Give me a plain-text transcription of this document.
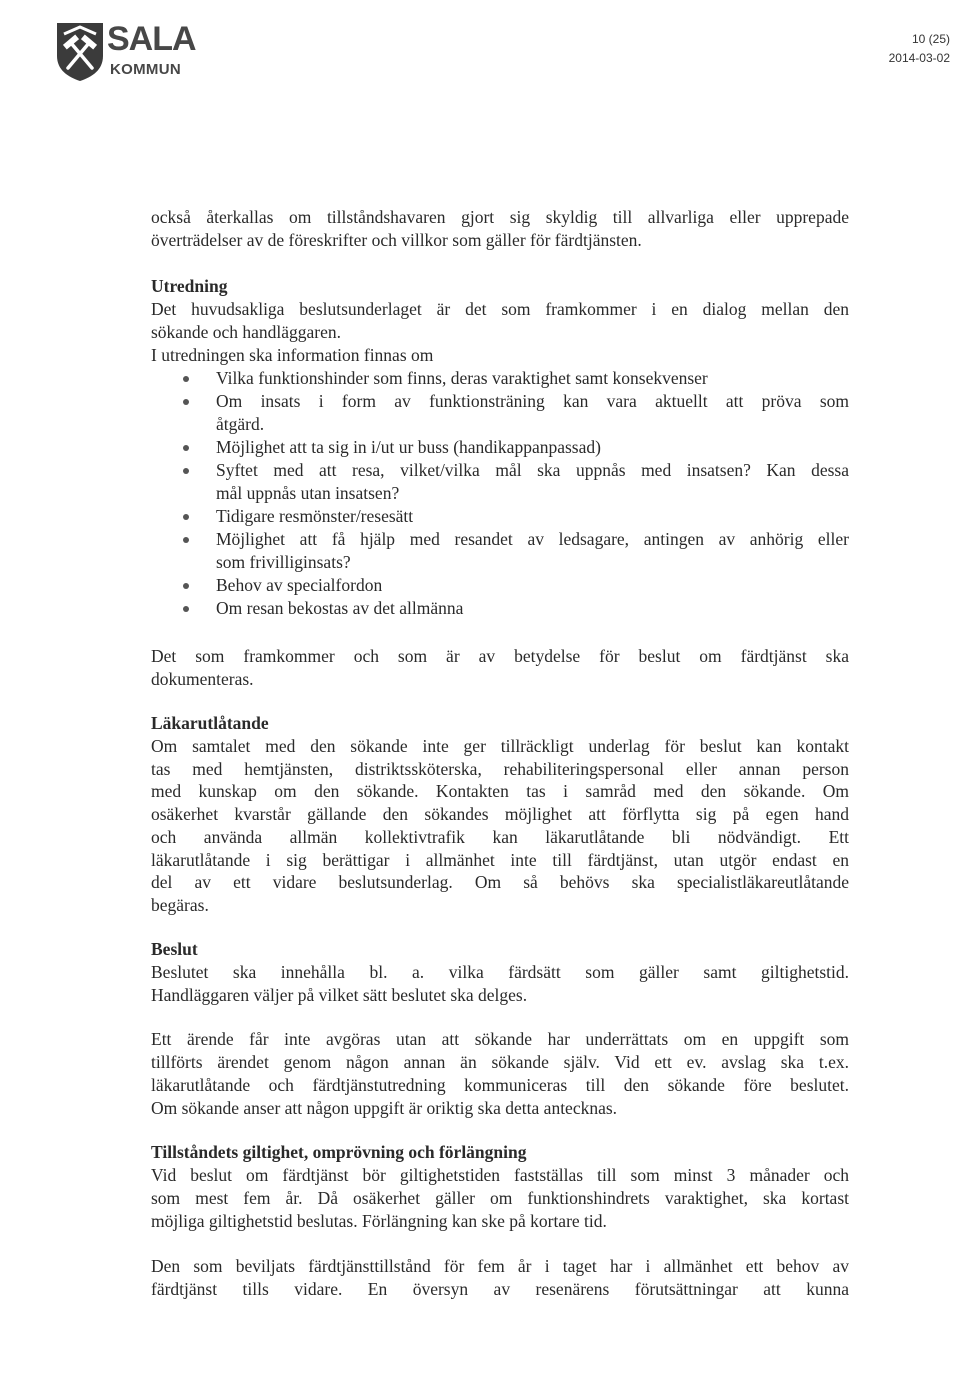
SALA
KOMMUN
10 (25)
2014-03-02
också återkallas om tillståndshavaren gjort sig skyldig till allvarliga eller upprepade
överträdelser av de föreskrifter och villkor som gäller för färdtjänsten.
Utredning
Det huvudsakliga beslutsunderlaget är det som framkommer i en dialog mellan den
sökande och handläggaren.
I utredningen ska information finnas om
Vilka funktionshinder som finns, deras varaktighet samt konsekvenser
Om insats i form av funktionsträning kan vara aktuellt att pröva som
åtgärd.
Möjlighet att ta sig in i/ut ur buss (handikappanpassad)
Syftet med att resa, vilket/vilka mål ska uppnås med insatsen? Kan dessa
mål uppnås utan insatsen?
Tidigare resmönster/resesätt
Möjlighet att få hjälp med resandet av ledsagare, antingen av anhörig eller
som frivilliginsats?
Behov av specialfordon
Om resan bekostas av det allmänna
Det som framkommer och som är av betydelse för beslut om färdtjänst ska
dokumenteras.
Läkarutlåtande
Om samtalet med den sökande inte ger tillräckligt underlag för beslut kan kontakt
tas med hemtjänsten, distriktssköterska, rehabiliteringspersonal eller annan person
med kunskap om den sökande. Kontakten tas i samråd med den sökande. Om
osäkerhet kvarstår gällande den sökandes möjlighet att förflytta sig på egen hand
och använda allmän kollektivtrafik kan läkarutlåtande bli nödvändigt. Ett
läkarutlåtande i sig berättigar i allmänhet inte till färdtjänst, utan utgör endast en
del av ett vidare beslutsunderlag. Om så behövs ska specialistläkareutlåtande
begäras.
Beslut
Beslutet ska innehålla bl. a. vilka färdsätt som gäller samt giltighetstid.
Handläggaren väljer på vilket sätt beslutet ska delges.
Ett ärende får inte avgöras utan att sökande har underrättats om en uppgift som
tillförts ärendet genom någon annan än sökande själv. Vid ett ev. avslag ska t.ex.
läkarutlåtande och färdtjänstutredning kommuniceras till den sökande före beslutet.
Om sökande anser att någon uppgift är oriktig ska detta antecknas.
Tillståndets giltighet, omprövning och förlängning
Vid beslut om färdtjänst bör giltighetstiden fastställas till som minst 3 månader och
som mest fem år. Då osäkerhet gäller om funktionshindrets varaktighet, ska kortast
möjliga giltighetstid beslutas. Förlängning kan ske på kortare tid.
Den som beviljats färdtjänsttillstånd för fem år i taget har i allmänhet ett behov av
färdtjänst tills vidare. En översyn av resenärens förutsättningar att kunna
